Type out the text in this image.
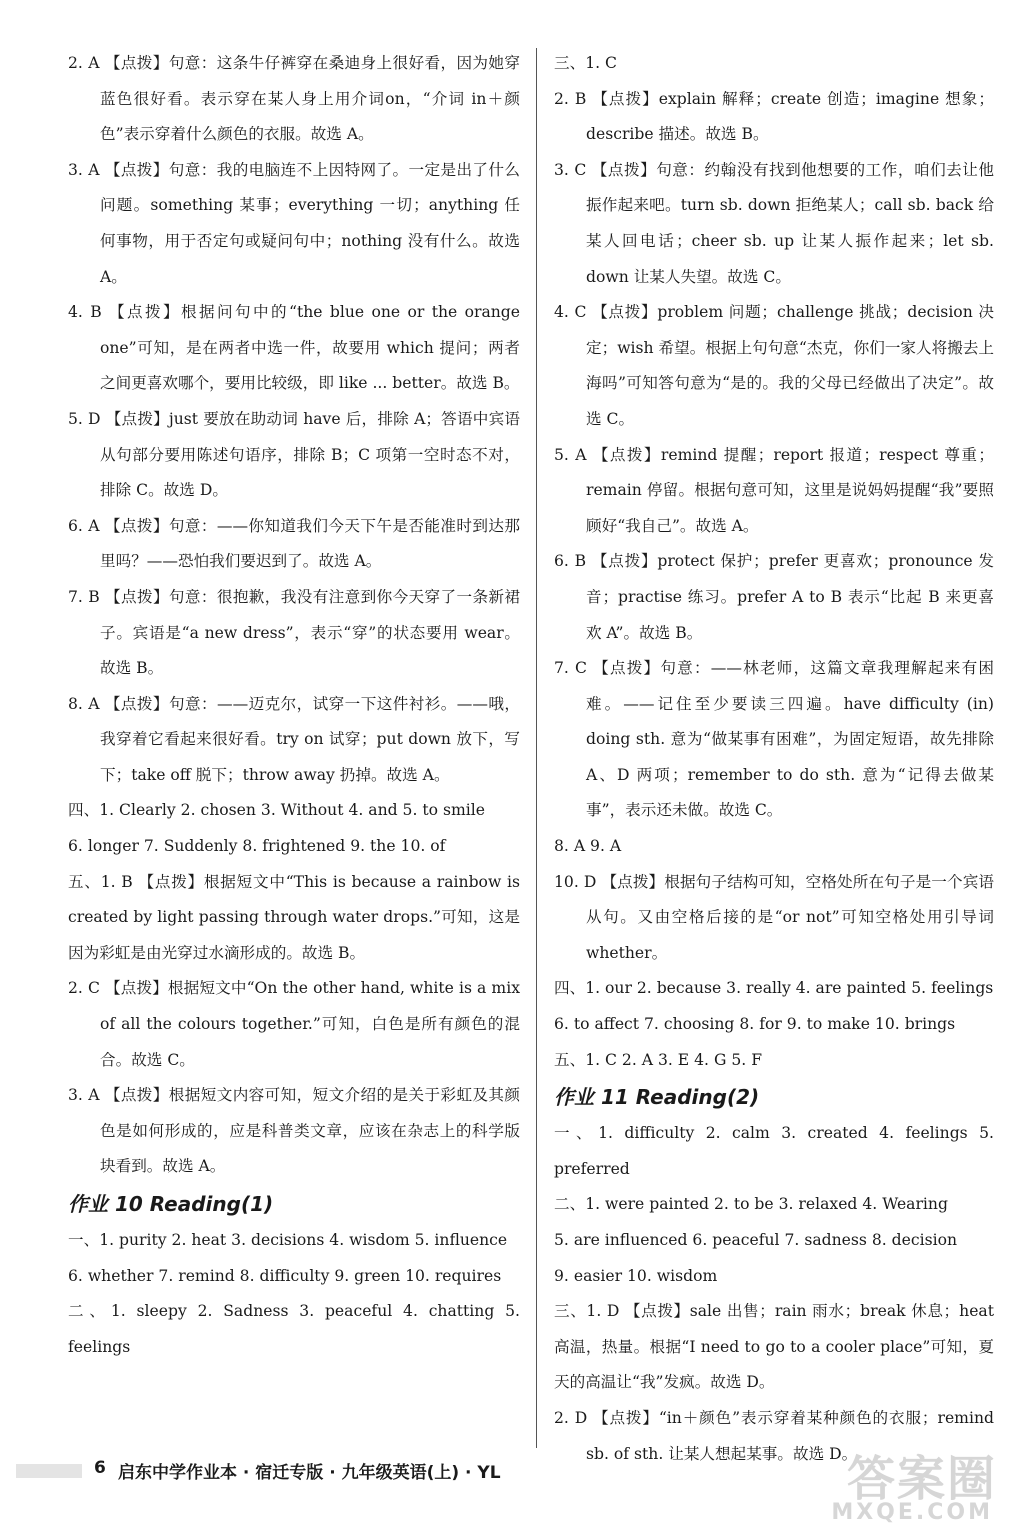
2. A 【点拨】句意：这条牛仔裤穿在桑迪身上很好看，因为她穿蓝色很好看。表示穿在某人身上用介词on，“介词 in＋颜色”表示穿着什么颜色的衣服。故选 A。

3. A 【点拨】句意：我的电脑连不上因特网了。一定是出了什么问题。something 某事；everything 一切；anything 任何事物，用于否定句或疑问句中；nothing 没有什么。故选 A。

4. B 【点拨】根据问句中的“the blue one or the orange one”可知，是在两者中选一件，故要用 which 提问；两者之间更喜欢哪个，要用比较级，即 like ... better。故选 B。

5. D 【点拨】just 要放在助动词 have 后，排除 A；答语中宾语从句部分要用陈述句语序，排除 B；C 项第一空时态不对，排除 C。故选 D。

6. A 【点拨】句意：——你知道我们今天下午是否能准时到达那里吗？——恐怕我们要迟到了。故选 A。

7. B 【点拨】句意：很抱歉，我没有注意到你今天穿了一条新裙子。宾语是“a new dress”，表示“穿”的状态要用 wear。故选 B。

8. A 【点拨】句意：——迈克尔，试穿一下这件衬衫。——哦，我穿着它看起来很好看。try on 试穿；put down 放下，写下；take off 脱下；throw away 扔掉。故选 A。

四、1. Clearly 2. chosen 3. Without 4. and 5. to smile

6. longer 7. Suddenly 8. frightened 9. the 10. of

五、1. B 【点拨】根据短文中“This is because a rainbow is created by light passing through water drops.”可知，这是因为彩虹是由光穿过水滴形成的。故选 B。

2. C 【点拨】根据短文中“On the other hand, white is a mix of all the colours together.”可知，白色是所有颜色的混合。故选 C。

3. A 【点拨】根据短文内容可知，短文介绍的是关于彩虹及其颜色是如何形成的，应是科普类文章，应该在杂志上的科学版块看到。故选 A。

作业 10 Reading(1)

一、1. purity 2. heat 3. decisions 4. wisdom 5. influence

6. whether 7. remind 8. difficulty 9. green 10. requires

二、1. sleepy 2. Sadness 3. peaceful 4. chatting 5. feelings

三、1. C

2. B 【点拨】explain 解释；create 创造；imagine 想象；describe 描述。故选 B。

3. C 【点拨】句意：约翰没有找到他想要的工作，咱们去让他振作起来吧。turn sb. down 拒绝某人；call sb. back 给某人回电话；cheer sb. up 让某人振作起来；let sb. down 让某人失望。故选 C。

4. C 【点拨】problem 问题；challenge 挑战；decision 决定；wish 希望。根据上句句意“杰克，你们一家人将搬去上海吗”可知答句意为“是的。我的父母已经做出了决定”。故选 C。

5. A 【点拨】remind 提醒；report 报道；respect 尊重；remain 停留。根据句意可知，这里是说妈妈提醒“我”要照顾好“我自己”。故选 A。

6. B 【点拨】protect 保护；prefer 更喜欢；pronounce 发音；practise 练习。prefer A to B 表示“比起 B 来更喜欢 A”。故选 B。

7. C 【点拨】句意：——林老师，这篇文章我理解起来有困难。——记住至少要读三四遍。have difficulty (in) doing sth. 意为“做某事有困难”，为固定短语，故先排除 A、D 两项；remember to do sth. 意为“记得去做某事”，表示还未做。故选 C。

8. A 9. A

10. D 【点拨】根据句子结构可知，空格处所在句子是一个宾语从句。又由空格后接的是“or not”可知空格处用引导词 whether。

四、1. our 2. because 3. really 4. are painted 5. feelings

6. to affect 7. choosing 8. for 9. to make 10. brings

五、1. C 2. A 3. E 4. G 5. F

作业 11 Reading(2)

一、1. difficulty 2. calm 3. created 4. feelings 5. preferred

二、1. were painted 2. to be 3. relaxed 4. Wearing

5. are influenced 6. peaceful 7. sadness 8. decision

9. easier 10. wisdom

三、1. D 【点拨】sale 出售；rain 雨水；break 休息；heat 高温，热量。根据“I need to go to a cooler place”可知，夏天的高温让“我”发疯。故选 D。

2. D 【点拨】“in＋颜色”表示穿着某种颜色的衣服；remind sb. of sth. 让某人想起某事。故选 D。

6 启东中学作业本 · 宿迁专版 · 九年级英语(上) · YL	答案圈
MXQE.COM
